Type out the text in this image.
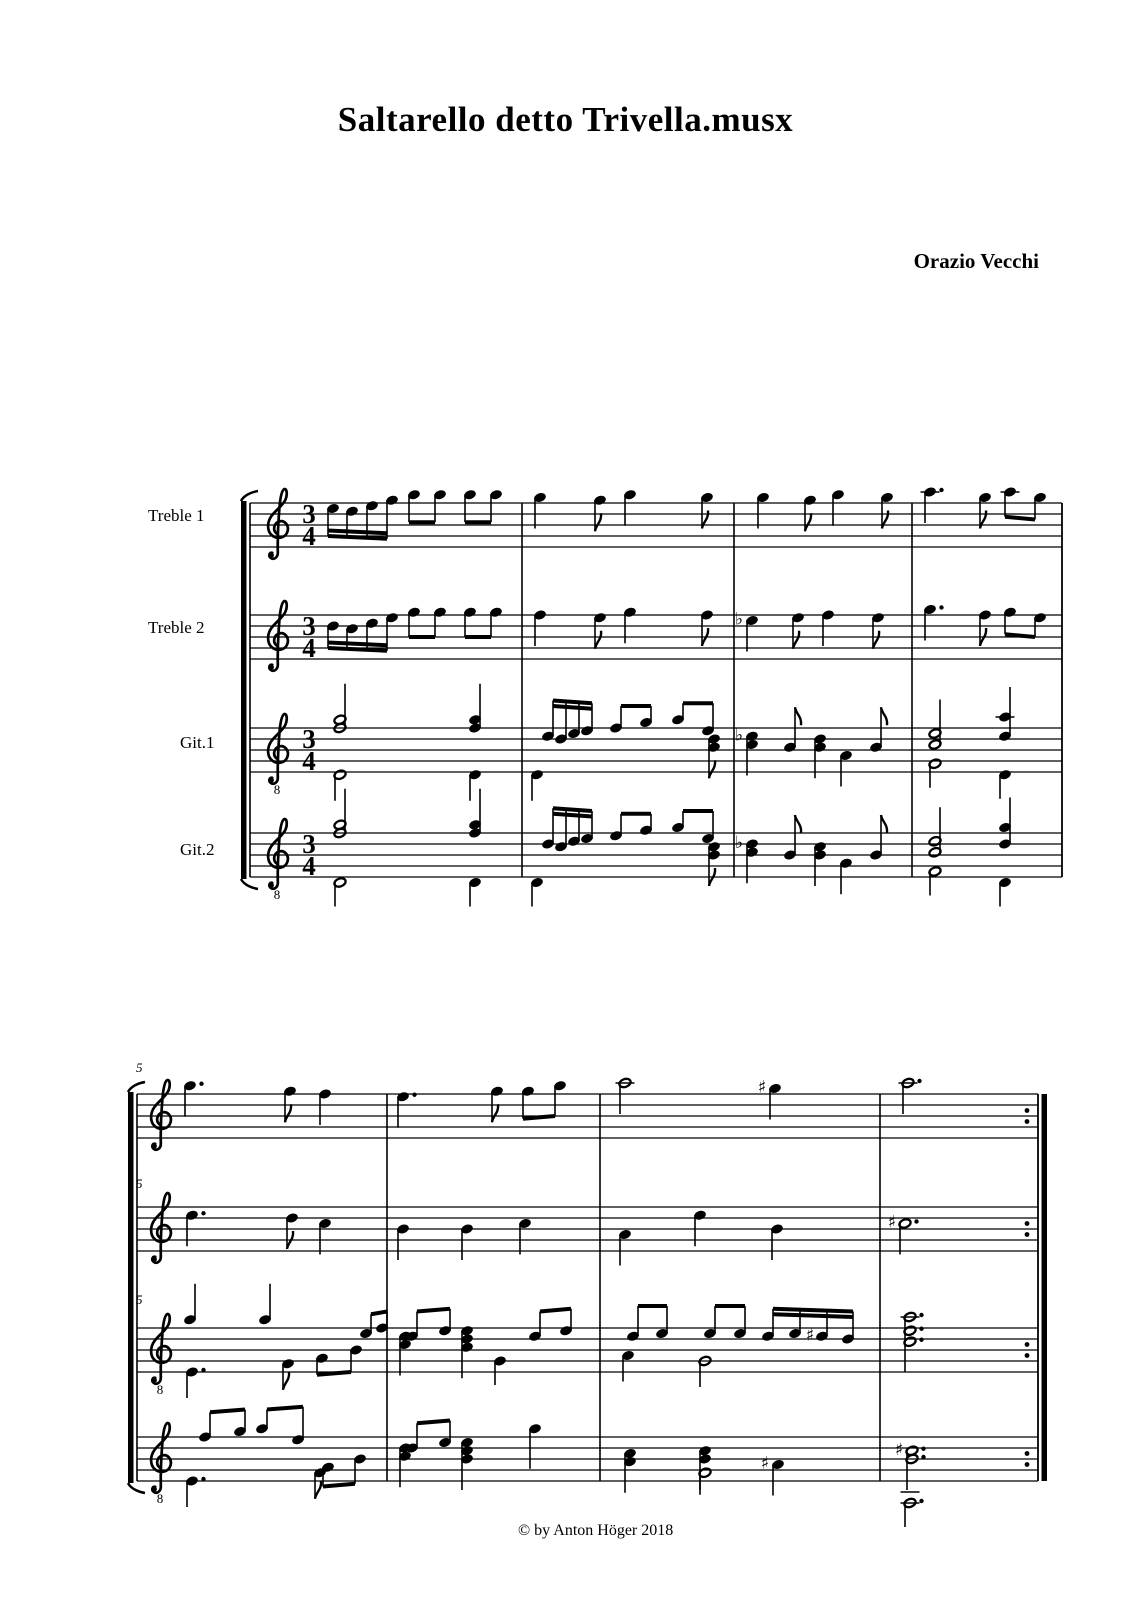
Saltarello detto Trivella.musx
Orazio Vecchi
Treble 1
Treble 2
Git.1
Git.2
5
5
5
3
4
3
4
♭
8
3
4
♭
8
3
4
♭
♯
♯
8
♯
8
♯
♯
© by Anton Höger 2018
